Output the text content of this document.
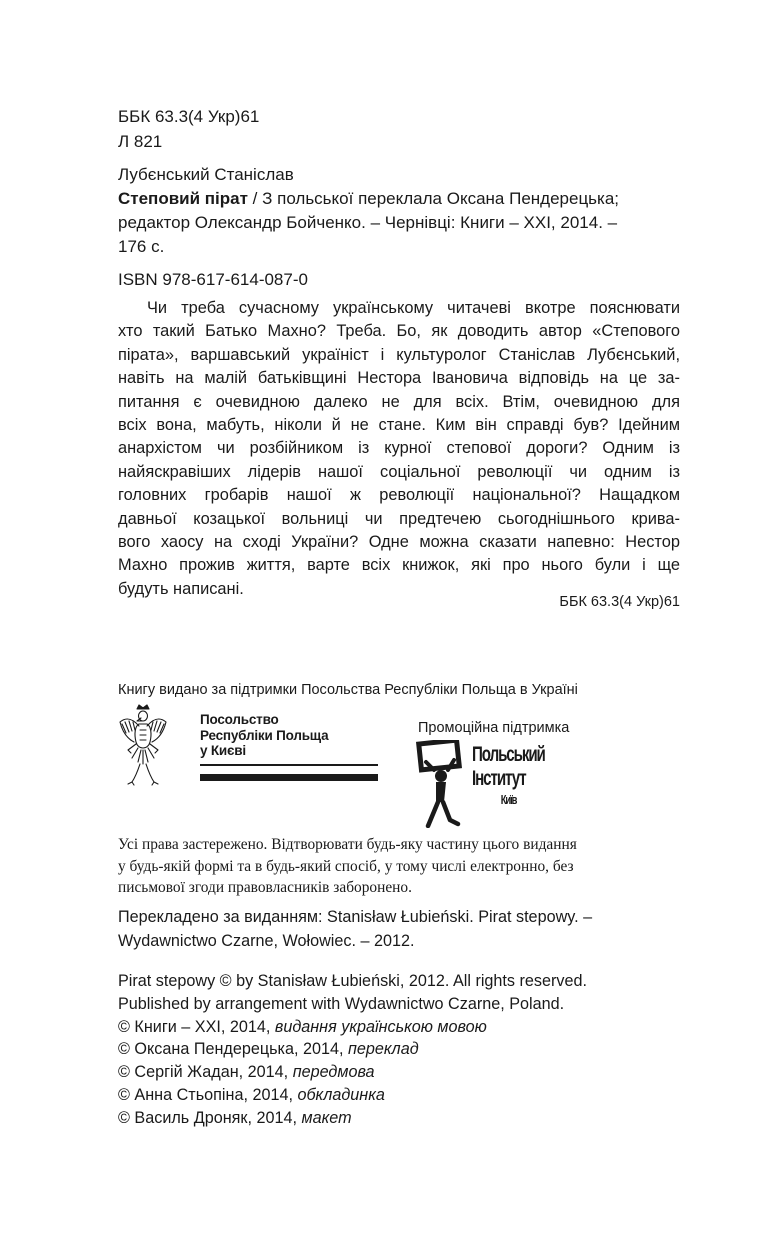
ББК 63.3(4 Укр)61
Л 821
Лубєнський Станіслав
Степовий пірат / З польської переклала Оксана Пендерецька;
редактор Олександр Бойченко. – Чернівці: Книги – XXI, 2014. –
176 с.
ISBN 978-617-614-087-0
Чи треба сучасному українському читачеві вкотре пояснювати
хто такий Батько Махно? Треба. Бо, як доводить автор «Степового
пірата», варшавський україніст і культуролог Станіслав Лубєнський,
навіть на малій батьківщині Нестора Івановича відповідь на це за-
питання є очевидною далеко не для всіх. Втім, очевидною для
всіх вона, мабуть, ніколи й не стане. Ким він справді був? Ідейним
анархістом чи розбійником із курної степової дороги? Одним із
найяскравіших лідерів нашої соціальної революції чи одним із
головних гробарів нашої ж революції національної? Нащадком
давньої козацької вольниці чи предтечею сьогоднішнього крива-
вого хаосу на сході України? Одне можна сказати напевно: Нестор
Махно прожив життя, варте всіх книжок, які про нього були і ще
будуть написані.
ББК 63.3(4 Укр)61
Книгу видано за підтримки Посольства Республіки Польща в Україні
Посольство
Республіки Польща
у Києві
Промоційна підтримка
Польський
Інститут
Київ
Усі права застережено. Відтворювати будь-яку частину цього видання
у будь-якій формі та в будь-який спосіб, у тому числі електронно, без
письмової згоди правовласників заборонено.
Перекладено за виданням: Stanisław Łubieński. Pirat stepowy. –
Wydawnictwo Czarne, Wołowiec. – 2012.
Pirat stepowy © by Stanisław Łubieński, 2012. All rights reserved.
Published by arrangement with Wydawnictwo Czarne, Poland.
© Книги – XXI, 2014, видання українською мовою
© Оксана Пендерецька, 2014, переклад
© Сергій Жадан, 2014, передмова
© Анна Стьопіна, 2014, обкладинка
© Василь Дроняк, 2014, макет
